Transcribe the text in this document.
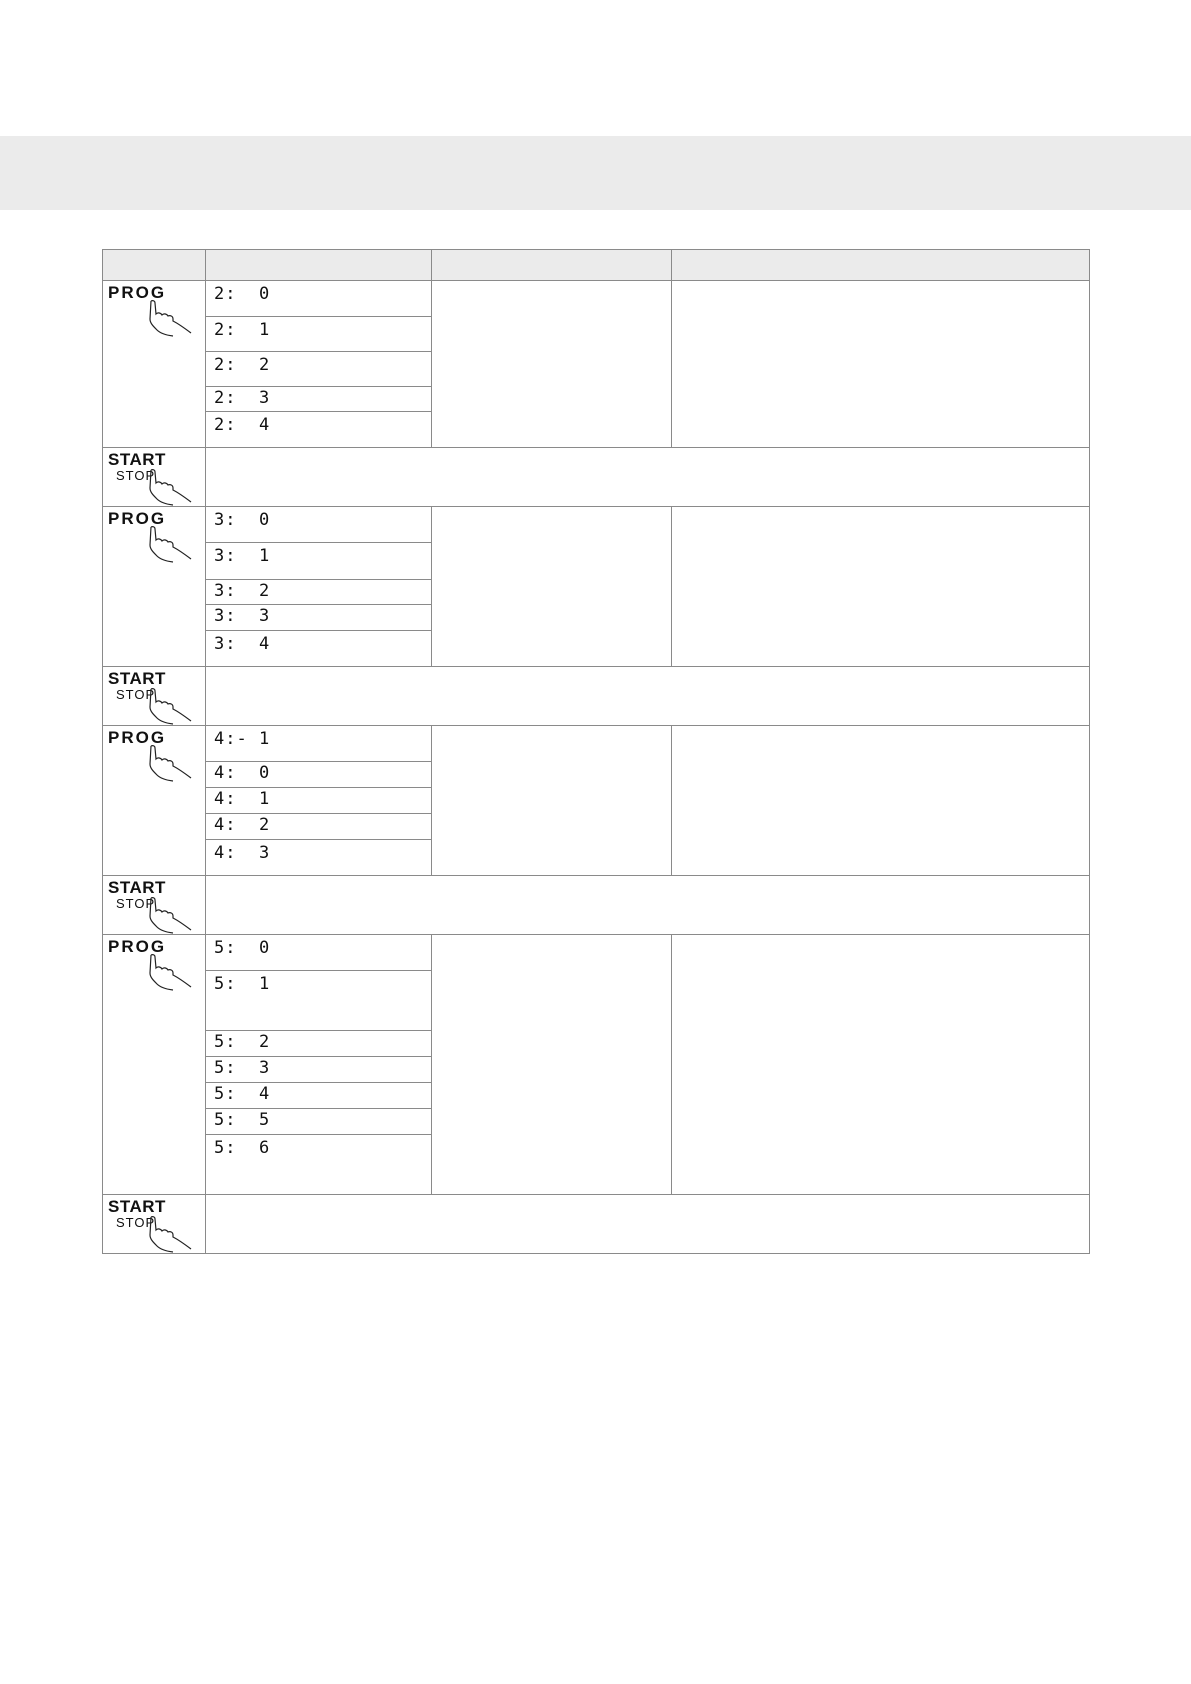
PROG	2:  0		

	2:  1		

	2:  2		

	2:  3		

	2:  4		

START
STOP			

PROG	3:  0		

	3:  1		

	3:  2		

	3:  3		

	3:  4		

START
STOP			

PROG	4:- 1		

	4:  0		

	4:  1		

	4:  2		

	4:  3		

START
STOP			

PROG	5:  0		

	5:  1		

	5:  2		

	5:  3		

	5:  4		

	5:  5		

	5:  6		

START
STOP			
